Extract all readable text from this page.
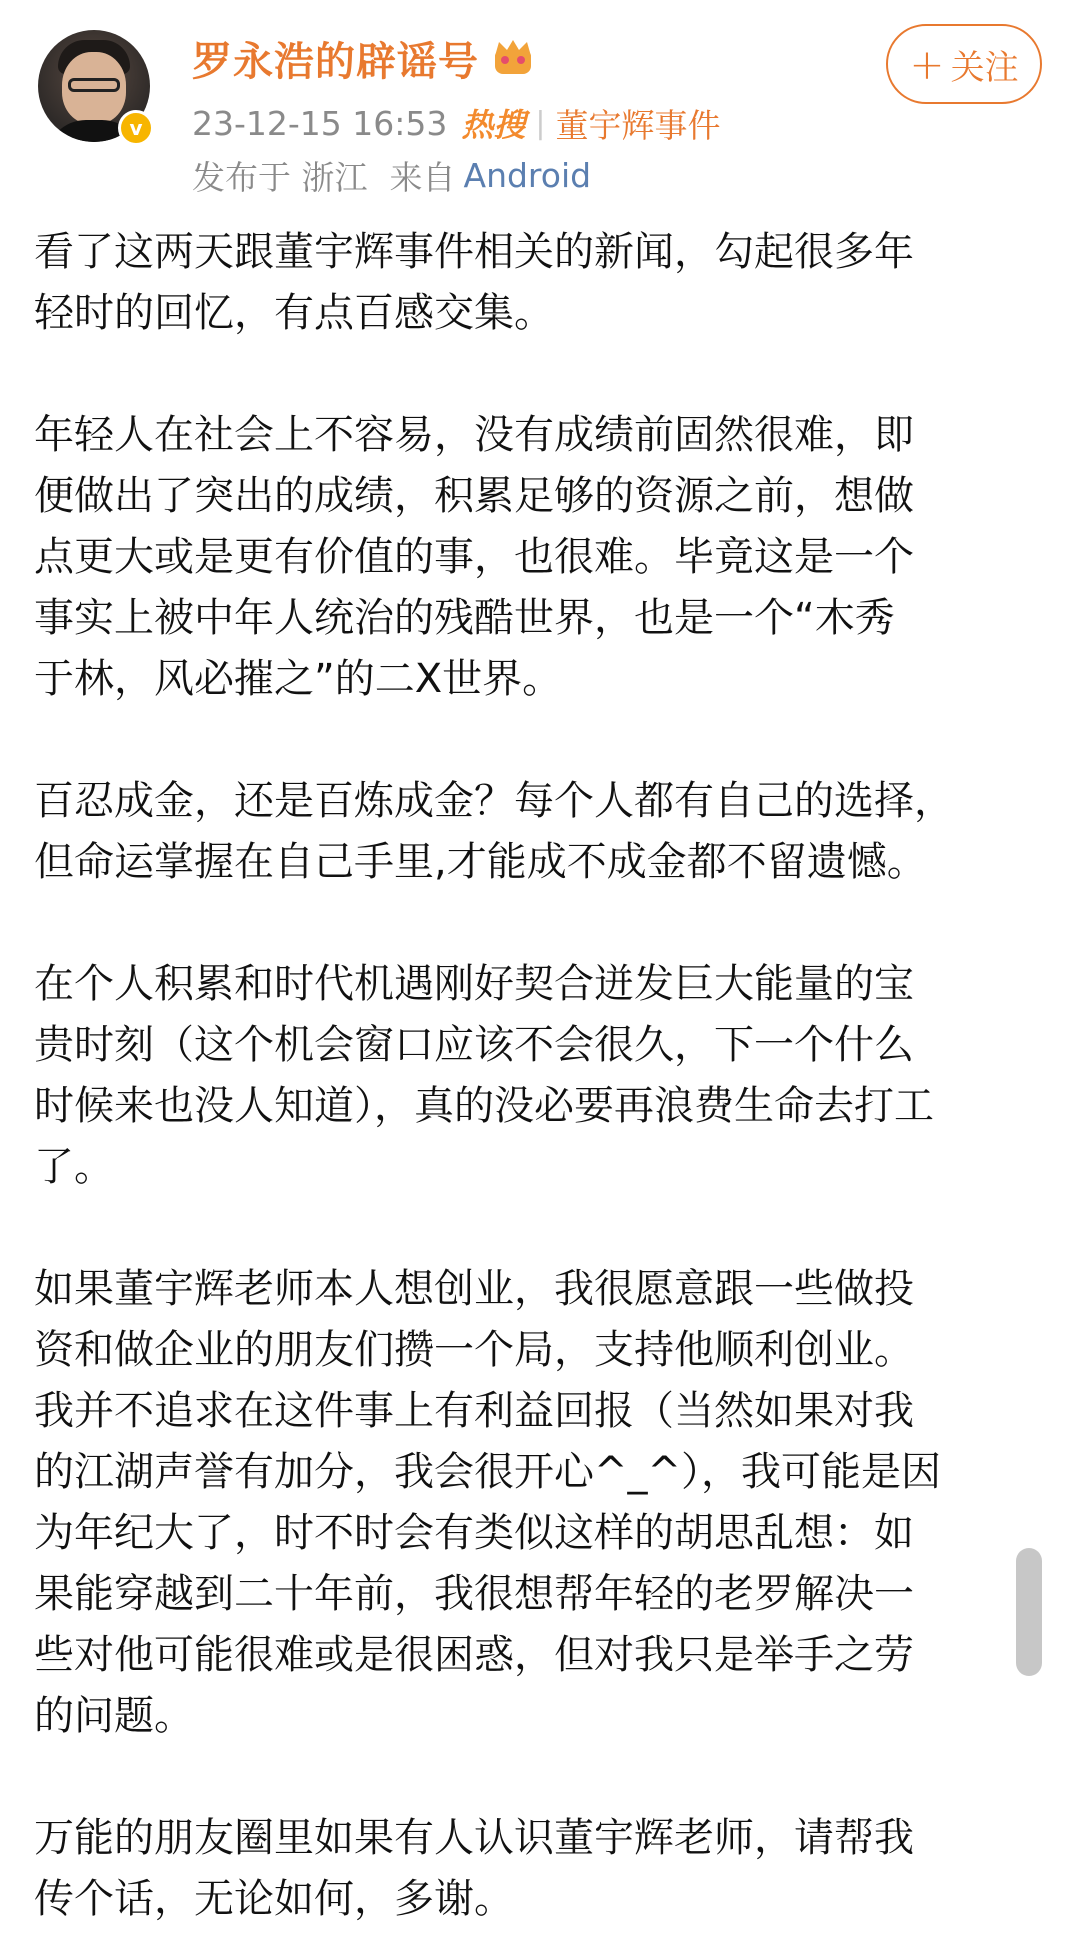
v
罗永浩的辟谣号
23-12-15 16:53 热搜 | 董宇辉事件
发布于 浙江 来自 Android
+ 关注

看了这两天跟董宇辉事件相关的新闻，勾起很多年
轻时的回忆，有点百感交集。

年轻人在社会上不容易，没有成绩前固然很难，即
便做出了突出的成绩，积累足够的资源之前，想做
点更大或是更有价值的事，也很难。毕竟这是一个
事实上被中年人统治的残酷世界，也是一个“木秀
于林，风必摧之”的二X世界。

百忍成金，还是百炼成金？每个人都有自己的选择，
但命运掌握在自己手里,才能成不成金都不留遗憾。

在个人积累和时代机遇刚好契合迸发巨大能量的宝
贵时刻（这个机会窗口应该不会很久，下一个什么
时候来也没人知道），真的没必要再浪费生命去打工
了。

如果董宇辉老师本人想创业，我很愿意跟一些做投
资和做企业的朋友们攒一个局，支持他顺利创业。
我并不追求在这件事上有利益回报（当然如果对我
的江湖声誉有加分，我会很开心^_^），我可能是因
为年纪大了，时不时会有类似这样的胡思乱想：如
果能穿越到二十年前，我很想帮年轻的老罗解决一
些对他可能很难或是很困惑，但对我只是举手之劳
的问题。

万能的朋友圈里如果有人认识董宇辉老师，请帮我
传个话，无论如何，多谢。
